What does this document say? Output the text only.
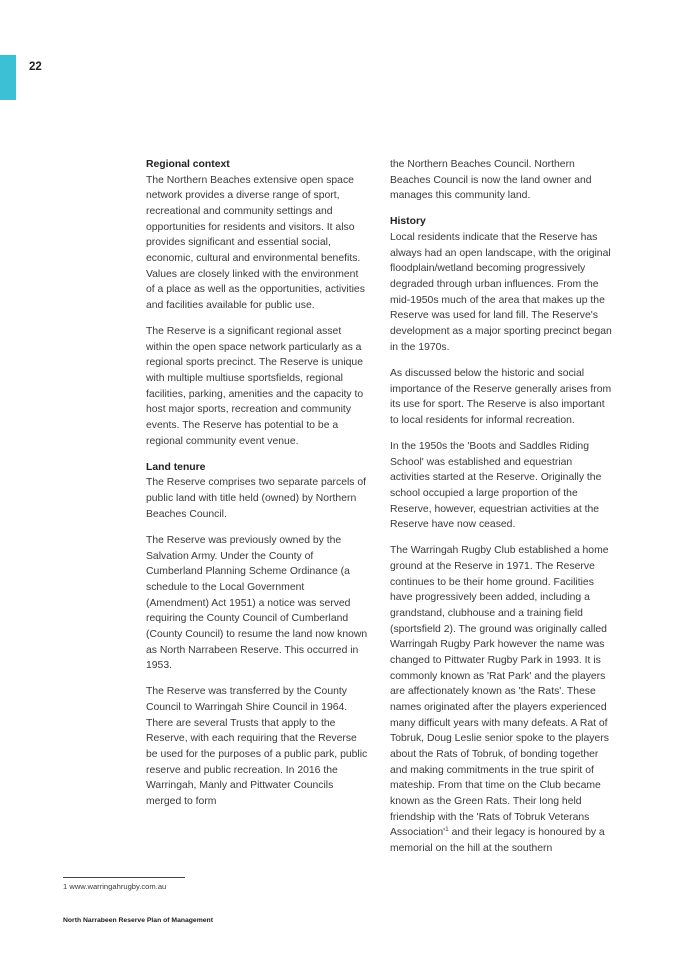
22
Regional context

The Northern Beaches extensive open space network provides a diverse range of sport, recreational and community settings and opportunities for residents and visitors. It also provides significant and essential social, economic, cultural and environmental benefits. Values are closely linked with the environment of a place as well as the opportunities, activities and facilities available for public use.

The Reserve is a significant regional asset within the open space network particularly as a regional sports precinct. The Reserve is unique with multiple multiuse sportsfields, regional facilities, parking, amenities and the capacity to host major sports, recreation and community events. The Reserve has potential to be a regional community event venue.

Land tenure

The Reserve comprises two separate parcels of public land with title held (owned) by Northern Beaches Council.

The Reserve was previously owned by the Salvation Army. Under the County of Cumberland Planning Scheme Ordinance (a schedule to the Local Government (Amendment) Act 1951) a notice was served requiring the County Council of Cumberland (County Council) to resume the land now known as North Narrabeen Reserve. This occurred in 1953.

The Reserve was transferred by the County Council to Warringah Shire Council in 1964. There are several Trusts that apply to the Reserve, with each requiring that the Reverse be used for the purposes of a public park, public reserve and public recreation. In 2016 the Warringah, Manly and Pittwater Councils merged to form

the Northern Beaches Council. Northern Beaches Council is now the land owner and manages this community land.

History

Local residents indicate that the Reserve has always had an open landscape, with the original floodplain/wetland becoming progressively degraded through urban influences. From the mid-1950s much of the area that makes up the Reserve was used for land fill. The Reserve's development as a major sporting precinct began in the 1970s.

As discussed below the historic and social importance of the Reserve generally arises from its use for sport. The Reserve is also important to local residents for informal recreation.

In the 1950s the 'Boots and Saddles Riding School' was established and equestrian activities started at the Reserve. Originally the school occupied a large proportion of the Reserve, however, equestrian activities at the Reserve have now ceased.

The Warringah Rugby Club established a home ground at the Reserve in 1971. The Reserve continues to be their home ground. Facilities have progressively been added, including a grandstand, clubhouse and a training field (sportsfield 2). The ground was originally called Warringah Rugby Park however the name was changed to Pittwater Rugby Park in 1993. It is commonly known as 'Rat Park' and the players are affectionately known as 'the Rats'. These names originated after the players experienced many difficult years with many defeats. A Rat of Tobruk, Doug Leslie senior spoke to the players about the Rats of Tobruk, of bonding together and making commitments in the true spirit of mateship. From that time on the Club became known as the Green Rats. Their long held friendship with the 'Rats of Tobruk Veterans $Association'^1$ and their legacy is honoured by a memorial on the hill at the southern

1 www.warringahrugby.com.au
North Narrabeen Reserve Plan of Management
